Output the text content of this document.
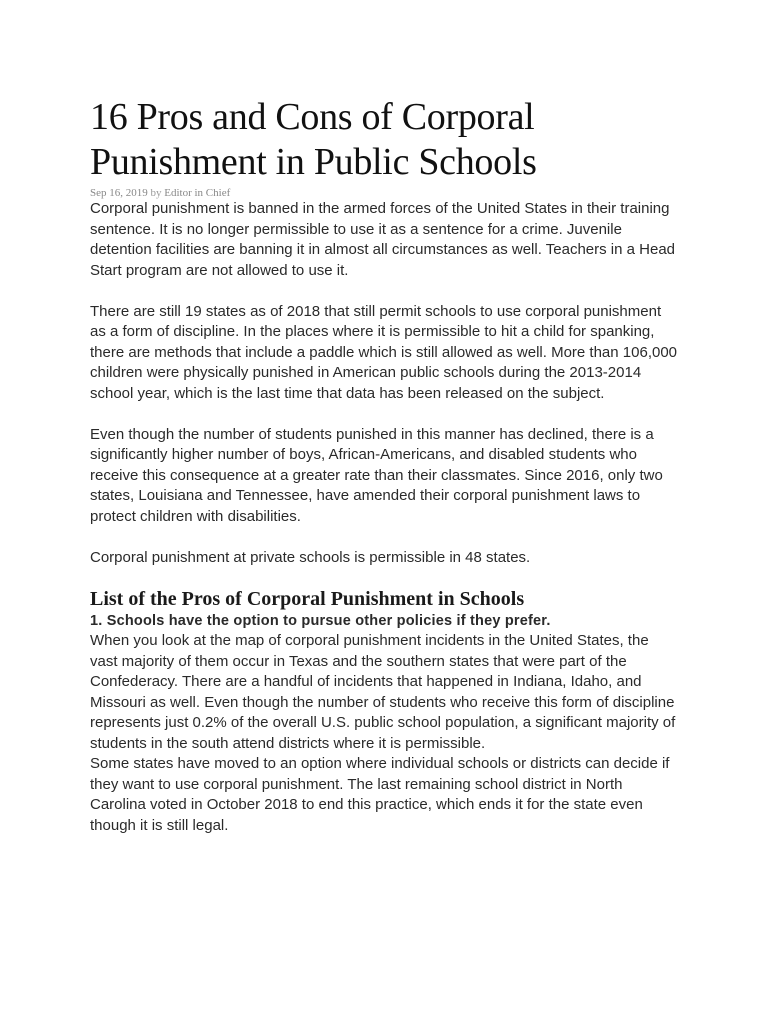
16 Pros and Cons of Corporal Punishment in Public Schools

Sep 16, 2019 by Editor in Chief

Corporal punishment is banned in the armed forces of the United States in their training sentence. It is no longer permissible to use it as a sentence for a crime. Juvenile detention facilities are banning it in almost all circumstances as well. Teachers in a Head Start program are not allowed to use it.

There are still 19 states as of 2018 that still permit schools to use corporal punishment as a form of discipline. In the places where it is permissible to hit a child for spanking, there are methods that include a paddle which is still allowed as well. More than 106,000 children were physically punished in American public schools during the 2013-2014 school year, which is the last time that data has been released on the subject.

Even though the number of students punished in this manner has declined, there is a significantly higher number of boys, African-Americans, and disabled students who receive this consequence at a greater rate than their classmates. Since 2016, only two states, Louisiana and Tennessee, have amended their corporal punishment laws to protect children with disabilities.

Corporal punishment at private schools is permissible in 48 states.

List of the Pros of Corporal Punishment in Schools

1. Schools have the option to pursue other policies if they prefer.

When you look at the map of corporal punishment incidents in the United States, the vast majority of them occur in Texas and the southern states that were part of the Confederacy. There are a handful of incidents that happened in Indiana, Idaho, and Missouri as well. Even though the number of students who receive this form of discipline represents just 0.2% of the overall U.S. public school population, a significant majority of students in the south attend districts where it is permissible.

Some states have moved to an option where individual schools or districts can decide if they want to use corporal punishment. The last remaining school district in North Carolina voted in October 2018 to end this practice, which ends it for the state even though it is still legal.
